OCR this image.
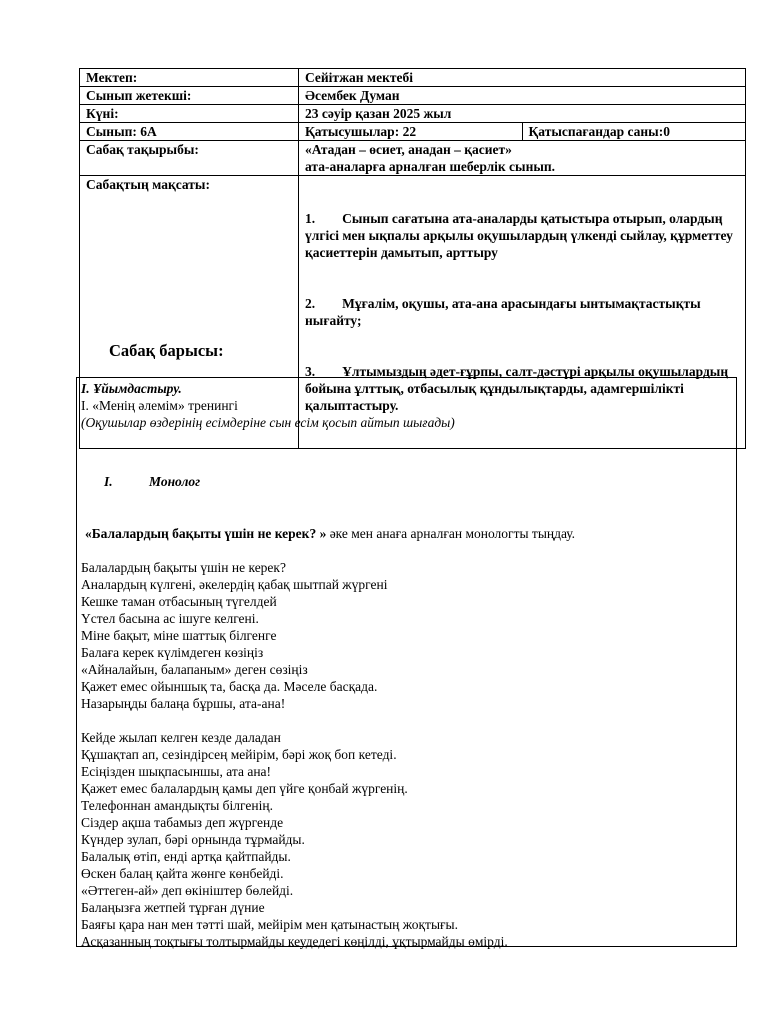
Мектеп:	Сейітжан мектебі	
Сынып жетекші:	Әсембек Думан	
Күні:	23 сәуір қазан 2025 жыл	
Сынып: 6А	Қатысушылар: 22	Қатыспағандар саны:0
Сабақ тақырыбы:	«Атадан – өсиет, анадан – қасиет»
ата-аналарға арналған шеберлік сынып.	

Сабақтың мақсаты:	1.        Сынып сағатына ата-аналарды қатыстыра отырып, олардың үлгісі мен ықпалы арқылы оқушылардың үлкенді сыйлау, құрметтеу қасиеттерін дамытып, арттыру

2.        Мұғалім, оқушы, ата-ана арасындағы ынтымақтастықты нығайту;

3.        Ұлтымыздың әдет-ғұрпы, салт-дәстүрі арқылы оқушылардың бойына ұлттық, отбасылық құндылықтарды, адамгершілікті қалыптастыру.	

Сабақ барысы:

І. Ұйымдастыру.

І. «Менің әлемім» тренингі

(Оқушылар өздерінің есімдеріне сын есім қосып айтып шығады)

I.	Монолог

«Балалардың бақыты үшін не керек? » әке мен анаға арналған монологты тыңдау.

Балалардың бақыты үшін не керек?

Аналардың күлгені, әкелердің қабақ шытпай жүргені

Кешке таман отбасының түгелдей

Үстел басына ас ішуге келгені.

Міне бақыт, міне шаттық білгенге

Балаға керек күлімдеген көзіңіз

«Айналайын, балапаным» деген сөзіңіз

Қажет емес ойыншық та, басқа да. Мәселе басқада.

Назарыңды балаңа бұршы, ата-ана!

Кейде жылап келген кезде даладан

Құшақтап ап, сезіндірсең мейірім, бәрі жоқ боп кетеді.

Есіңізден шықпасыншы, ата ана!

Қажет емес балалардың қамы деп үйге қонбай жүргенің.

Телефоннан амандықты білгенің.

Сіздер ақша табамыз деп жүргенде

Күндер зулап, бәрі орнында тұрмайды.

Балалық өтіп, енді артқа қайтпайды.

Өскен балаң қайта жөнге көнбейді.

«Әттеген-ай» деп өкініштер бөлейді.

Балаңызға жетпей тұрған дүние

Баяғы қара нан мен тәтті шай, мейірім мен қатынастың жоқтығы.

Асқазанның тоқтығы толтырмайды кеудедегі көңілді, ұқтырмайды өмірді.
